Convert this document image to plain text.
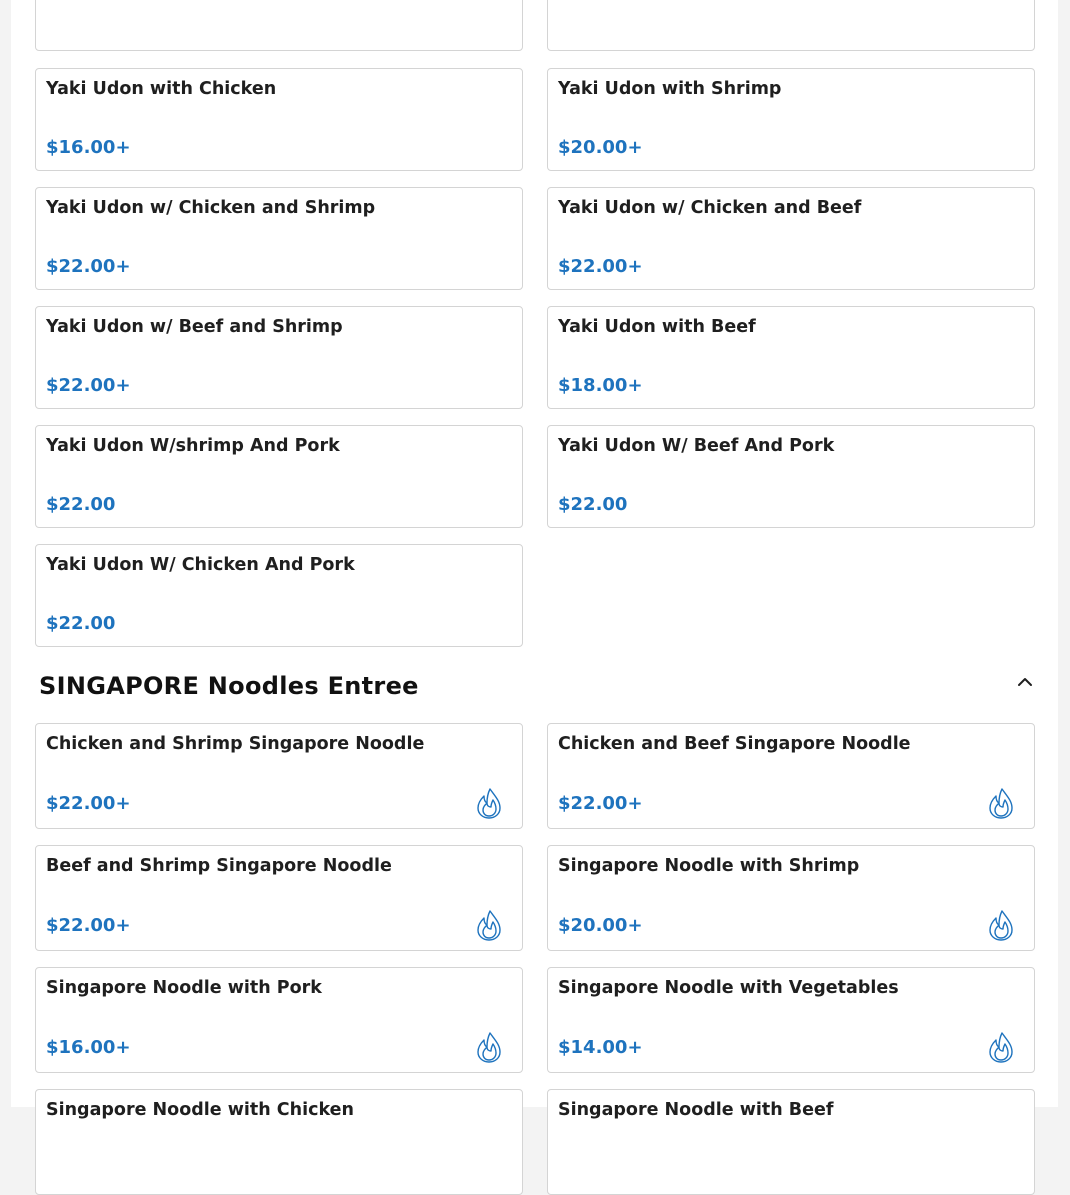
Yaki Udon with Chicken
$16.00+
Yaki Udon with Shrimp
$20.00+
Yaki Udon w/ Chicken and Shrimp
$22.00+
Yaki Udon w/ Chicken and Beef
$22.00+
Yaki Udon w/ Beef and Shrimp
$22.00+
Yaki Udon with Beef
$18.00+
Yaki Udon W/shrimp And Pork
$22.00
Yaki Udon W/ Beef And Pork
$22.00
Yaki Udon W/ Chicken And Pork
$22.00
SINGAPORE Noodles Entree
Chicken and Shrimp Singapore Noodle
$22.00+
Chicken and Beef Singapore Noodle
$22.00+
Beef and Shrimp Singapore Noodle
$22.00+
Singapore Noodle with Shrimp
$20.00+
Singapore Noodle with Pork
$16.00+
Singapore Noodle with Vegetables
$14.00+
Singapore Noodle with Chicken	Singapore Noodle with Beef
